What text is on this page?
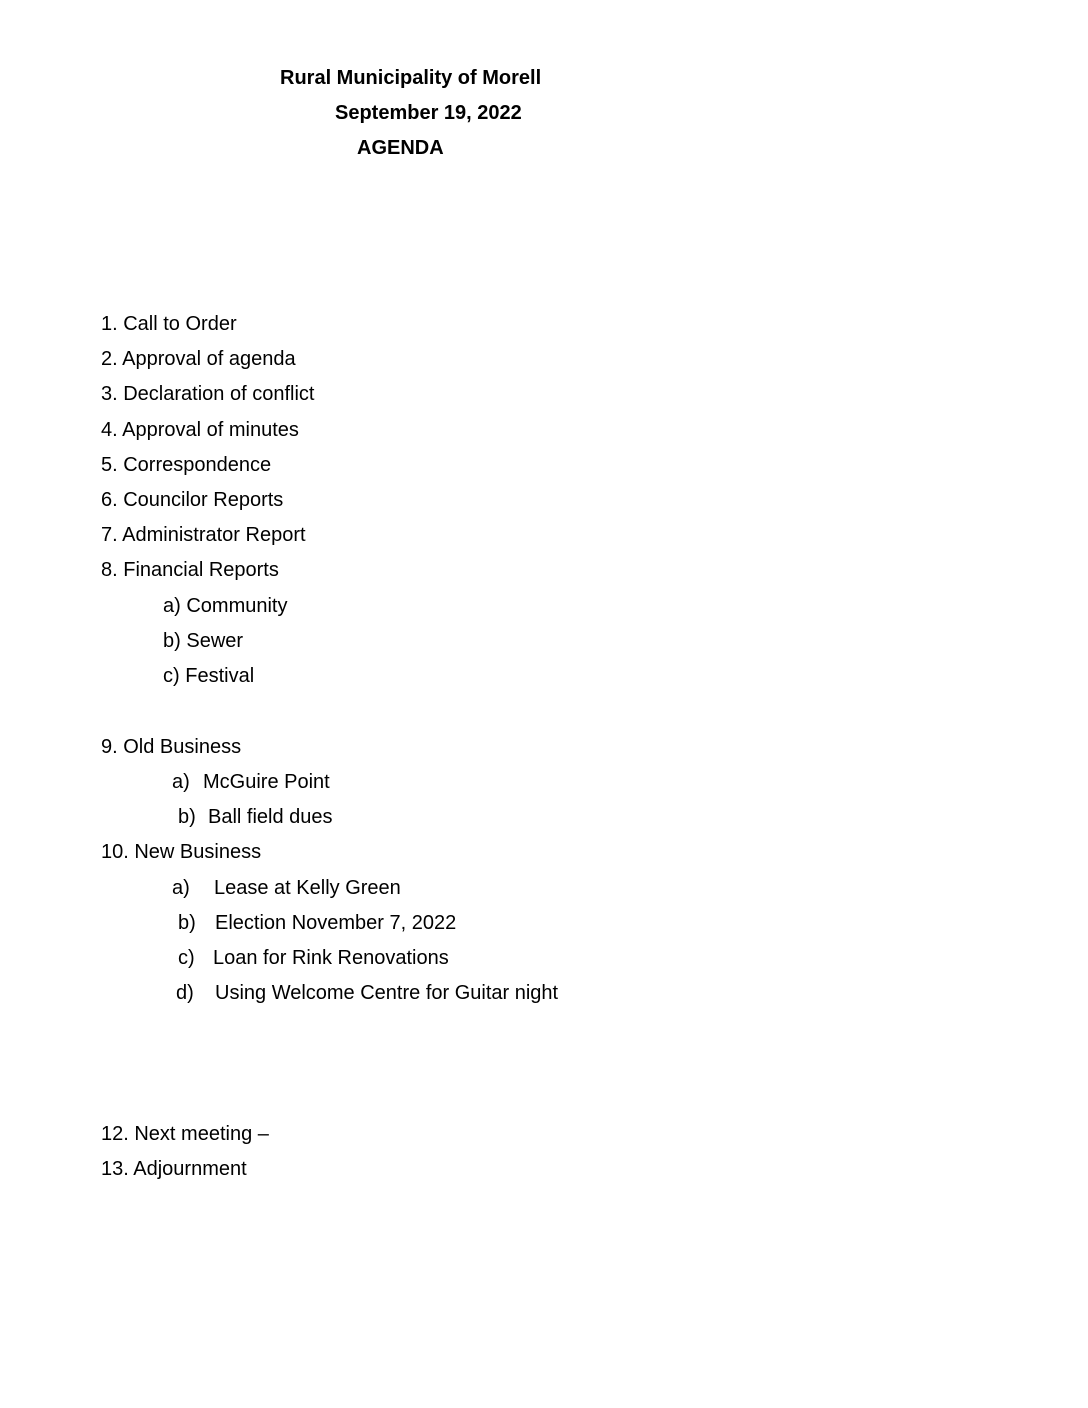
Rural Municipality of Morell
September 19, 2022
AGENDA
1. Call to Order
2. Approval of agenda
3. Declaration of conflict
4. Approval of minutes
5. Correspondence
6. Councilor Reports
7. Administrator Report
8. Financial Reports
a) Community
b) Sewer
c) Festival
9. Old Business
a) McGuire Point
b) Ball field dues
10. New Business
a) Lease at Kelly Green
b) Election November 7, 2022
c) Loan for Rink Renovations
d) Using Welcome Centre for Guitar night
12. Next meeting –
13. Adjournment
